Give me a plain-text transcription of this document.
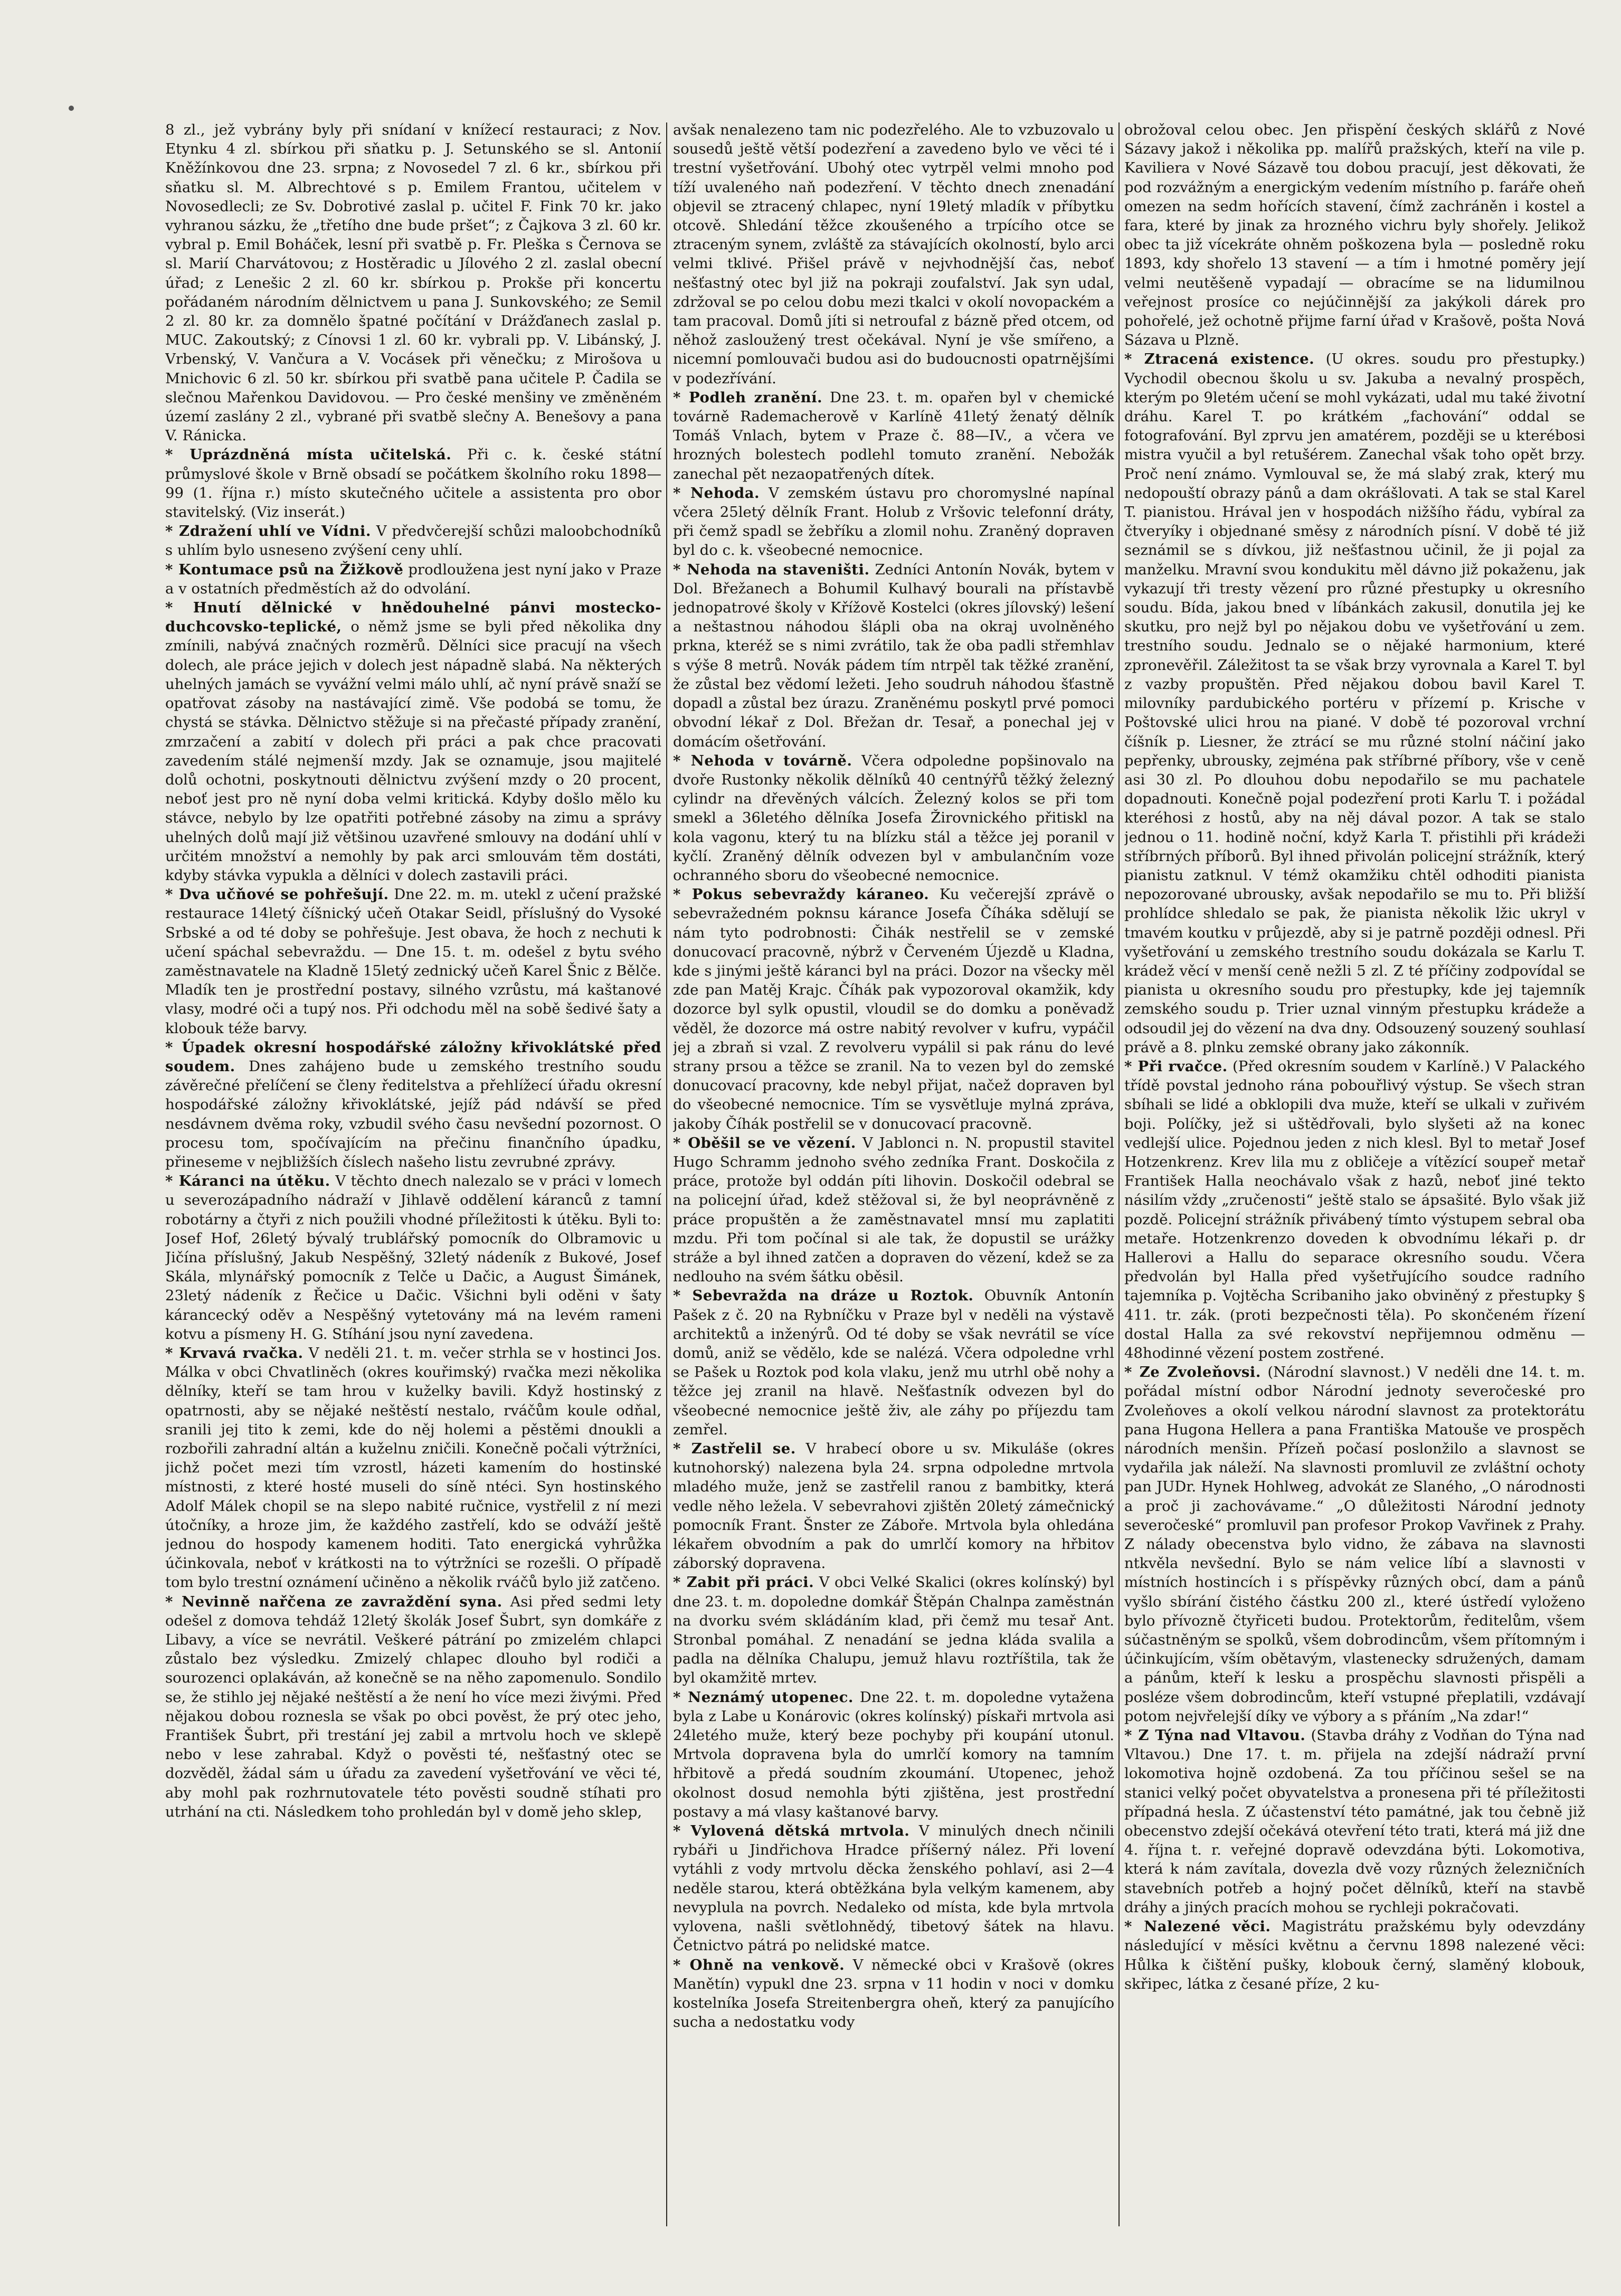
8 zl., jež vybrány byly při snídaní v knížecí restauraci; z Nov. Etynku 4 zl. sbírkou při sňatku p. J. Setunského se sl. Antonií Kněžínkovou dne 23. srpna; z Novosedel 7 zl. 6 kr., sbírkou při sňatku sl. M. Albrechtové s p. Emilem Frantou, učitelem v Novosedlecli; ze Sv. Dobrotivé zaslal p. učitel F. Fink 70 kr. jako vyhranou sázku, že „třetího dne bude pršet“; z Čajkova 3 zl. 60 kr. vybral p. Emil Boháček, lesní při svatbě p. Fr. Pleška s Černova se sl. Marií Charvátovou; z Hostěradic u Jílového 2 zl. zaslal obecní úřad; z Lenešic 2 zl. 60 kr. sbírkou p. Prokše při koncertu pořádaném národním dělnictvem u pana J. Sunkovského; ze Semil 2 zl. 80 kr. za domnělo špatné počítání v Drážďanech zaslal p. MUC. Zakoutský; z Cínovsi 1 zl. 60 kr. vybrali pp. V. Libánský, J. Vrbenský, V. Vančura a V. Vocásek při věnečku; z Mirošova u Mnichovic 6 zl. 50 kr. sbírkou při svatbě pana učitele P. Čadila se slečnou Mařenkou Davidovou. — Pro české menšiny ve změněném území zaslány 2 zl., vybrané při svatbě slečny A. Benešovy a pana V. Ránicka.

* Uprázdněná místa učitelská. Při c. k. české státní průmyslové škole v Brně obsadí se počátkem školního roku 1898—99 (1. října r.) místo skutečného učitele a assistenta pro obor stavitelský. (Viz inserát.)

* Zdražení uhlí ve Vídni. V předvčerejší schůzi maloobchodníků s uhlím bylo usneseno zvýšení ceny uhlí.

* Kontumace psů na Žižkově prodloužena jest nyní jako v Praze a v ostatních předměstích až do odvolání.

* Hnutí dělnické v hnědouhelné pánvi mostecko-duchcovsko-teplické, o němž jsme se byli před několika dny zmínili, nabývá značných rozměrů. Dělníci sice pracují na všech dolech, ale práce jejich v dolech jest nápadně slabá. Na některých uhelných jamách se vyvážní velmi málo uhlí, ač nyní právě snaží se opatřovat zásoby na nastávající zimě. Vše podobá se tomu, že chystá se stávka. Dělnictvo stěžuje si na přečasté případy zranění, zmrzačení a zabití v dolech při práci a pak chce pracovati zavedením stálé nejmenší mzdy. Jak se oznamuje, jsou majitelé dolů ochotni, poskytnouti dělnictvu zvýšení mzdy o 20 procent, neboť jest pro ně nyní doba velmi kritická. Kdyby došlo mělo ku stávce, nebylo by lze opatřiti potřebné zásoby na zimu a správy uhelných dolů mají již většinou uzavřené smlouvy na dodání uhlí v určitém množství a nemohly by pak arci smlouvám těm dostáti, kdyby stávka vypukla a dělníci v dolech zastavili práci.

* Dva učňové se pohřešují. Dne 22. m. m. utekl z učení pražské restaurace 14letý číšnický učeň Otakar Seidl, příslušný do Vysoké Srbské a od té doby se pohřešuje. Jest obava, že hoch z nechuti k učení spáchal sebevraždu. — Dne 15. t. m. odešel z bytu svého zaměstnavatele na Kladně 15letý zednický učeň Karel Šnic z Bělče. Mladík ten je prostřední postavy, silného vzrůstu, má kaštanové vlasy, modré oči a tupý nos. Při odchodu měl na sobě šedivé šaty a klobouk téže barvy.

* Úpadek okresní hospodářské záložny křivoklátské před soudem. Dnes zahájeno bude u zemského trestního soudu závěrečné přelíčení se členy ředitelstva a přehlížecí úřadu okresní hospodářské záložny křivoklátské, jejíž pád ndávší se před nesdávnem dvěma roky, vzbudil svého času nevšední pozornost. O procesu tom, spočívajícím na přečinu finančního úpadku, přineseme v nejbližších číslech našeho listu zevrubné zprávy.

* Káranci na útěku. V těchto dnech nalezalo se v práci v lomech u severozápadního nádraží v Jihlavě oddělení káranců z tamní robotárny a čtyři z nich použili vhodné příležitosti k útěku. Byli to: Josef Hof, 26letý bývalý trublářský pomocník do Olbramovic u Jičína příslušný, Jakub Nespěšný, 32letý nádeník z Bukové, Josef Skála, mlynářský pomocník z Telče u Dačic, a August Šimánek, 23letý nádeník z Řečice u Dačic. Všichni byli oděni v šaty kárancecký oděv a Nespěšný vytetovány má na levém rameni kotvu a písmeny H. G. Stíhání jsou nyní zavedena.

* Krvavá rvačka. V neděli 21. t. m. večer strhla se v hostinci Jos. Málka v obci Chvatliněch (okres kouřimský) rvačka mezi několika dělníky, kteří se tam hrou v kuželky bavili. Když hostinský z opatrnosti, aby se nějaké neštěstí nestalo, rváčům koule odňal, sranili jej tito k zemi, kde do něj holemi a pěstěmi dnoukli a rozbořili zahradní altán a kuželnu zničili. Konečně počali výtržníci, jichž počet mezi tím vzrostl, házeti kamením do hostinské místnosti, z které hosté museli do síně ntéci. Syn hostinského Adolf Málek chopil se na slepo nabité ručnice, vystřelil z ní mezi útočníky, a hroze jim, že každého zastřelí, kdo se odváží ještě jednou do hospody kamenem hoditi. Tato energická vyhrůžka účinkovala, neboť v krátkosti na to výtržníci se rozešli. O případě tom bylo trestní oznámení učiněno a několik rváčů bylo již zatčeno.

* Nevinně nařčena ze zavraždění syna. Asi před sedmi lety odešel z domova tehdáž 12letý školák Josef Šubrt, syn domkáře z Libavy, a více se nevrátil. Veškeré pátrání po zmizelém chlapci zůstalo bez výsledku. Zmizelý chlapec dlouho byl rodiči a sourozenci oplakáván, až konečně se na něho zapomenulo. Sondilo se, že stihlo jej nějaké neštěstí a že není ho více mezi živými. Před nějakou dobou roznesla se však po obci pověst, že prý otec jeho, František Šubrt, při trestání jej zabil a mrtvolu hoch ve sklepě nebo v lese zahrabal. Když o pověsti té, nešťastný otec se dozvěděl, žádal sám u úřadu za zavedení vyšetřování ve věci té, aby mohl pak rozhrnutovatele této pověsti soudně stíhati pro utrhání na cti. Následkem toho prohledán byl v domě jeho sklep,

avšak nenalezeno tam nic podezřelého. Ale to vzbuzovalo u sousedů ještě větší podezření a zavedeno bylo ve věci té i trestní vyšetřování. Ubohý otec vytrpěl velmi mnoho pod tíží uvaleného naň podezření. V těchto dnech znenadání objevil se ztracený chlapec, nyní 19letý mladík v příbytku otcově. Shledání těžce zkoušeného a trpícího otce se ztraceným synem, zvláště za stávajících okolností, bylo arci velmi tklivé. Přišel právě v nejvhodnější čas, neboť nešťastný otec byl již na pokraji zoufalství. Jak syn udal, zdržoval se po celou dobu mezi tkalci v okolí novopackém a tam pracoval. Domů jíti si netroufal z bázně před otcem, od něhož zasloužený trest očekával. Nyní je vše smířeno, a nicemní pomlouvači budou asi do budoucnosti opatrnějšími v podezřívání.

* Podleh zranění. Dne 23. t. m. opařen byl v chemické továrně Rademacherově v Karlíně 41letý ženatý dělník Tomáš Vnlach, bytem v Praze č. 88—IV., a včera ve hrozných bolestech podlehl tomuto zranění. Nebožák zanechal pět nezaopatřených dítek.

* Nehoda. V zemském ústavu pro choromyslné napínal včera 25letý dělník Frant. Holub z Vršovic telefonní dráty, při čemž spadl se žebříku a zlomil nohu. Zraněný dopraven byl do c. k. všeobecné nemocnice.

* Nehoda na staveništi. Zedníci Antonín Novák, bytem v Dol. Břežanech a Bohumil Kulhavý bourali na přístavbě jednopatrové školy v Křížově Kostelci (okres jílovský) lešení a neštastnou náhodou šlápli oba na okraj uvolněného prkna, kteréž se s nimi zvrátilo, tak že oba padli střemhlav s výše 8 metrů. Novák pádem tím ntrpěl tak těžké zranění, že zůstal bez vědomí ležeti. Jeho soudruh náhodou šťastně dopadl a zůstal bez úrazu. Zraněnému poskytl prvé pomoci obvodní lékař z Dol. Břežan dr. Tesař, a ponechal jej v domácím ošetřování.

* Nehoda v továrně. Včera odpoledne popšinovalo na dvoře Rustonky několik dělníků 40 centnýřů těžký železný cylindr na dřevěných válcích. Železný kolos se při tom smekl a 36letého dělníka Josefa Žirovnického přitiskl na kola vagonu, který tu na blízku stál a těžce jej poranil v kyčlí. Zraněný dělník odvezen byl v ambulančním voze ochranného sboru do všeobecné nemocnice.

* Pokus sebevraždy káraneo. Ku večerejší zprávě o sebevražedném poknsu kárance Josefa Číháka sdělují se nám tyto podrobnosti: Čihák nestřelil se v zemské donucovací pracovně, nýbrž v Červeném Újezdě u Kladna, kde s jinými ještě káranci byl na práci. Dozor na všecky měl zde pan Matěj Krajc. Číhák pak vypozoroval okamžik, kdy dozorce byl sylk opustil, vloudil se do domku a poněvadž věděl, že dozorce má ostre nabitý revolver v kufru, vypáčil jej a zbraň si vzal. Z revolveru vypálil si pak ránu do levé strany prsou a těžce se zranil. Na to vezen byl do zemské donucovací pracovny, kde nebyl přijat, načež dopraven byl do všeobecné nemocnice. Tím se vysvětluje mylná zpráva, jakoby Číhák postřelil se v donucovací pracovně.

* Oběšil se ve vězení. V Jablonci n. N. propustil stavitel Hugo Schramm jednoho svého zedníka Frant. Doskočila z práce, protože byl oddán píti lihovin. Doskočil odebral se na policejní úřad, kdež stěžoval si, že byl neoprávněně z práce propuštěn a že zaměstnavatel mnsí mu zaplatiti mzdu. Při tom počínal si ale tak, že dopustil se urážky stráže a byl ihned zatčen a dopraven do vězení, kdež se za nedlouho na svém šátku oběsil.

* Sebevražda na dráze u Roztok. Obuvník Antonín Pašek z č. 20 na Rybníčku v Praze byl v neděli na výstavě architektů a inženýrů. Od té doby se však nevrátil se více domů, aniž se vědělo, kde se nalézá. Včera odpoledne vrhl se Pašek u Roztok pod kola vlaku, jenž mu utrhl obě nohy a těžce jej zranil na hlavě. Nešťastník odvezen byl do všeobecné nemocnice ještě živ, ale záhy po příjezdu tam zemřel.

* Zastřelil se. V hrabecí obore u sv. Mikuláše (okres kutnohorský) nalezena byla 24. srpna odpoledne mrtvola mladého muže, jenž se zastřelil ranou z bambitky, která vedle něho ležela. V sebevrahovi zjištěn 20letý zámečnický pomocník Frant. Šnster ze Záboře. Mrtvola byla ohledána lékařem obvodním a pak do umrlčí komory na hřbitov záborský dopravena.

* Zabit při práci. V obci Velké Skalici (okres kolínský) byl dne 23. t. m. dopoledne domkář Štěpán Chalnpa zaměstnán na dvorku svém skládáním klad, při čemž mu tesař Ant. Stronbal pomáhal. Z nenadání se jedna kláda svalila a padla na dělníka Chalupu, jemuž hlavu roztříštila, tak že byl okamžitě mrtev.

* Neznámý utopenec. Dne 22. t. m. dopoledne vytažena byla z Labe u Konárovic (okres kolínský) pískaři mrtvola asi 24letého muže, který beze pochyby při koupání utonul. Mrtvola dopravena byla do umrlčí komory na tamním hřbitově a předá soudním zkoumání. Utopenec, jehož okolnost dosud nemohla býti zjištěna, jest prostřední postavy a má vlasy kaštanové barvy.

* Vylovená dětská mrtvola. V minulých dnech nčinili rybáři u Jindřichova Hradce příšerný nález. Při lovení vytáhli z vody mrtvolu děcka ženského pohlaví, asi 2—4 neděle starou, která obtěžkána byla velkým kamenem, aby nevyplula na povrch. Nedaleko od místa, kde byla mrtvola vylovena, našli světlohnědý, tibetový šátek na hlavu. Četnictvo pátrá po nelidské matce.

* Ohně na venkově. V německé obci v Krašově (okres Manětín) vypukl dne 23. srpna v 11 hodin v noci v domku kostelníka Josefa Streitenbergra oheň, který za panujícího sucha a nedostatku vody

obrožoval celou obec. Jen přispění českých sklářů z Nové Sázavy jakož i několika pp. malířů pražských, kteří na vile p. Kaviliera v Nové Sázavě tou dobou pracují, jest děkovati, že pod rozvážným a energickým vedením místního p. faráře oheň omezen na sedm hořících stavení, čímž zachráněn i kostel a fara, které by jinak za hrozného vichru byly shořely. Jelikož obec ta již vícekráte ohněm poškozena byla — posledně roku 1893, kdy shořelo 13 stavení — a tím i hmotné poměry její velmi neutěšeně vypadají — obracíme se na lidumilnou veřejnost prosíce co nejúčinnější za jakýkoli dárek pro pohořelé, jež ochotně přijme farní úřad v Krašově, pošta Nová Sázava u Plzně.

* Ztracená existence. (U okres. soudu pro přestupky.) Vychodil obecnou školu u sv. Jakuba a nevalný prospěch, kterým po 9letém učení se mohl vykázati, udal mu také životní dráhu. Karel T. po krátkém „fachování“ oddal se fotografování. Byl zprvu jen amatérem, později se u kterébosi mistra vyučil a byl retušérem. Zanechal však toho opět brzy. Proč není známo. Vymlouval se, že má slabý zrak, který mu nedopouští obrazy pánů a dam okrášlovati. A tak se stal Karel T. pianistou. Hrával jen v hospodách nižšího řádu, vybíral za čtveryíky i objednané směsy z národních písní. V době té již seznámil se s dívkou, již nešťastnou učinil, že ji pojal za manželku. Mravní svou kondukitu měl dávno již pokaženu, jak vykazují tři tresty vězení pro různé přestupky u okresního soudu. Bída, jakou bned v líbánkách zakusil, donutila jej ke skutku, pro nejž byl po nějakou dobu ve vyšetřování u zem. trestního soudu. Jednalo se o nějaké harmonium, které zpronevěřil. Záležitost ta se však brzy vyrovnala a Karel T. byl z vazby propuštěn. Před nějakou dobou bavil Karel T. milovníky pardubického portéru v přízemí p. Krische v Poštovské ulici hrou na piané. V době té pozoroval vrchní číšník p. Liesner, že ztrácí se mu různé stolní náčiní jako pepřenky, ubrousky, zejména pak stříbrné příbory, vše v ceně asi 30 zl. Po dlouhou dobu nepodařilo se mu pachatele dopadnouti. Konečně pojal podezření proti Karlu T. i požádal kteréhosi z hostů, aby na něj dával pozor. A tak se stalo jednou o 11. hodině noční, když Karla T. přistihli při krádeži stříbrných příborů. Byl ihned přivolán policejní strážník, který pianistu zatknul. V témž okamžiku chtěl odhoditi pianista nepozorované ubrousky, avšak nepodařilo se mu to. Při bližší prohlídce shledalo se pak, že pianista několik lžic ukryl v tmavém koutku v průjezdě, aby si je patrně později odnesl. Při vyšetřování u zemského trestního soudu dokázala se Karlu T. krádež věcí v menší ceně nežli 5 zl. Z té příčiny zodpovídal se pianista u okresního soudu pro přestupky, kde jej tajemník zemského soudu p. Trier uznal vinným přestupku krádeže a odsoudil jej do vězení na dva dny. Odsouzený souzený souhlasí právě a 8. plnku zemské obrany jako zákonník.

* Při rvačce. (Před okresním soudem v Karlíně.) V Palackého třídě povstal jednoho rána pobouřlivý výstup. Se všech stran sbíhali se lidé a obklopili dva muže, kteří se ulkali v zuřivém boji. Políčky, jež si uštědřovali, bylo slyšeti až na konec vedlejší ulice. Pojednou jeden z nich klesl. Byl to metař Josef Hotzenkrenz. Krev lila mu z obličeje a vítězící soupeř metař František Halla neochávalo však z hazů, neboť jiné tekto násilím vždy „zručenosti“ ještě stalo se ápsašité. Bylo však již pozdě. Policejní strážník přivábený tímto výstupem sebral oba metaře. Hotzenkrenzo doveden k obvodnímu lékaři p. dr Hallerovi a Hallu do separace okresního soudu. Včera předvolán byl Halla před vyšetřujícího soudce radního tajemníka p. Vojtěcha Scribaniho jako obviněný z přestupky § 411. tr. zák. (proti bezpečnosti těla). Po skončeném řízení dostal Halla za své rekovství nepřijemnou odměnu — 48hodinné vězení postem zostřené.

* Ze Zvoleňovsi. (Národní slavnost.) V neděli dne 14. t. m. pořádal místní odbor Národní jednoty severočeské pro Zvoleňoves a okolí velkou národní slavnost za protektorátu pana Hugona Hellera a pana Františka Matouše ve prospěch národních menšin. Přízeň počasí poslonžilo a slavnost se vydařila jak náleží. Na slavnosti promluvil ze zvláštní ochoty pan JUDr. Hynek Hohlweg, advokát ze Slaného, „O národnosti a proč ji zachovávame.“ „O důležitosti Národní jednoty severočeské“ promluvil pan profesor Prokop Vavřinek z Prahy. Z nálady obecenstva bylo vidno, že zábava na slavnosti ntkvěla nevšední. Bylo se nám velice líbí a slavnosti v místních hostincích i s příspěvky různých obcí, dam a pánů vyšlo sbírání čistého částku 200 zl., které ústředí vyloženo bylo přívozně čtyřiceti budou. Protektorům, ředitelům, všem súčastněným se spolků, všem dobrodincům, všem přítomným i účinkujícím, vším obětavým, vlastenecky sdružených, damam a pánům, kteří k lesku a prospěchu slavnosti přispěli a posléze všem dobrodincům, kteří vstupné přeplatili, vzdávají potom nejvřelejší díky ve výbory a s přáním „Na zdar!“

* Z Týna nad Vltavou. (Stavba dráhy z Vodňan do Týna nad Vltavou.) Dne 17. t. m. přijela na zdejší nádraží první lokomotiva hojně ozdobená. Za tou příčinou sešel se na stanici velký počet obyvatelstva a pronesena při té příležitosti případná hesla. Z účastenství této památné, jak tou čebně již obecenstvo zdejší očekává otevření této trati, která má již dne 4. října t. r. veřejné dopravě odevzdána býti. Lokomotiva, která k nám zavítala, dovezla dvě vozy různých železničních stavebních potřeb a hojný počet dělníků, kteří na stavbě dráhy a jiných pracích mohou se rychleji pokračovati.

* Nalezené věci. Magistrátu pražskému byly odevzdány následující v měsíci květnu a červnu 1898 nalezené věci: Hůlka k čištění pušky, klobouk černý, slaměný klobouk, skřipec, látka z česané příze, 2 ku-
